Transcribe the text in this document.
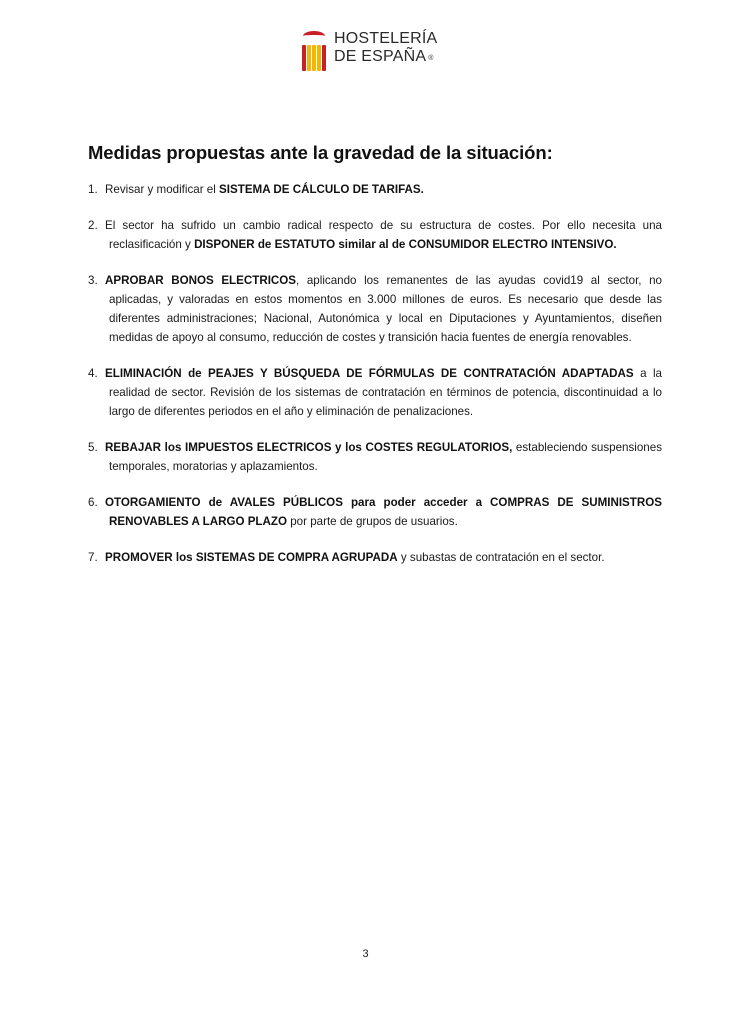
HOSTELERÍA
DE ESPAÑA ®
Medidas propuestas ante la gravedad de la situación:
1. Revisar y modificar el SISTEMA DE CÁLCULO DE TARIFAS.
2. El sector ha sufrido un cambio radical respecto de su estructura de costes. Por ello necesita una reclasificación y DISPONER de ESTATUTO similar al de CONSUMIDOR ELECTRO INTENSIVO.
3. APROBAR BONOS ELECTRICOS, aplicando los remanentes de las ayudas covid19 al sector, no aplicadas, y valoradas en estos momentos en 3.000 millones de euros. Es necesario que desde las diferentes administraciones; Nacional, Autonómica y local en Diputaciones y Ayuntamientos, diseñen medidas de apoyo al consumo, reducción de costes y transición hacia fuentes de energía renovables.
4. ELIMINACIÓN de PEAJES Y BÚSQUEDA DE FÓRMULAS DE CONTRATACIÓN ADAPTADAS a la realidad de sector. Revisión de los sistemas de contratación en términos de potencia, discontinuidad a lo largo de diferentes periodos en el año y eliminación de penalizaciones.
5. REBAJAR los IMPUESTOS ELECTRICOS y los COSTES REGULATORIOS, estableciendo suspensiones temporales, moratorias y aplazamientos.
6. OTORGAMIENTO de AVALES PÚBLICOS para poder acceder a COMPRAS DE SUMINISTROS RENOVABLES A LARGO PLAZO por parte de grupos de usuarios.
7. PROMOVER los SISTEMAS DE COMPRA AGRUPADA y subastas de contratación en el sector.
3
